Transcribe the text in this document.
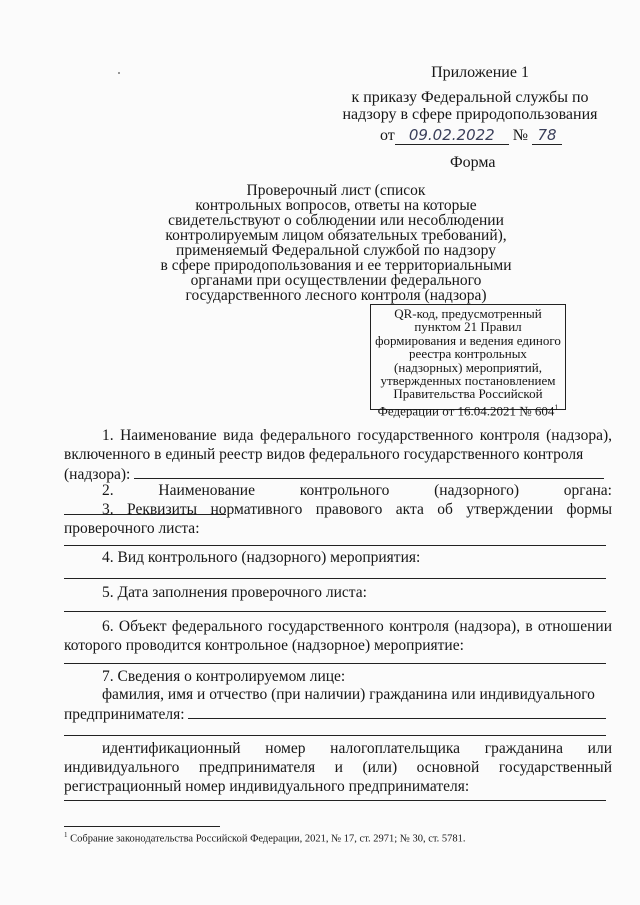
Приложение 1
к приказу Федеральной службы по
надзору в сфере природопользования
от 09.02.2022 № 78
Форма
Проверочный лист (список
контрольных вопросов, ответы на которые
свидетельствуют о соблюдении или несоблюдении
контролируемым лицом обязательных требований),
применяемый Федеральной службой по надзору
в сфере природопользования и ее территориальными
органами при осуществлении федерального
государственного лесного контроля (надзора)
QR-код, предусмотренный
пунктом 21 Правил
формирования и ведения единого
реестра контрольных
(надзорных) мероприятий,
утвержденных постановлением
Правительства Российской
Федерации от 16.04.2021 № $604^1$
1. Наименование вида федерального государственного контроля (надзора), включенного в единый реестр видов федерального государственного контроля
(надзора):
2. Наименование контрольного (надзорного) органа:
3. Реквизиты нормативного правового акта об утверждении формы проверочного листа:
4. Вид контрольного (надзорного) мероприятия:
5. Дата заполнения проверочного листа:
6. Объект федерального государственного контроля (надзора), в отношении которого проводится контрольное (надзорное) мероприятие:
7. Сведения о контролируемом лице:
фамилия, имя и отчество (при наличии) гражданина или индивидуального
предпринимателя:
идентификационный номер налогоплательщика гражданина или индивидуального предпринимателя и (или) основной государственный регистрационный номер индивидуального предпринимателя:
$^1$ Собрание законодательства Российской Федерации, 2021, № 17, ст. 2971; № 30, ст. 5781.
